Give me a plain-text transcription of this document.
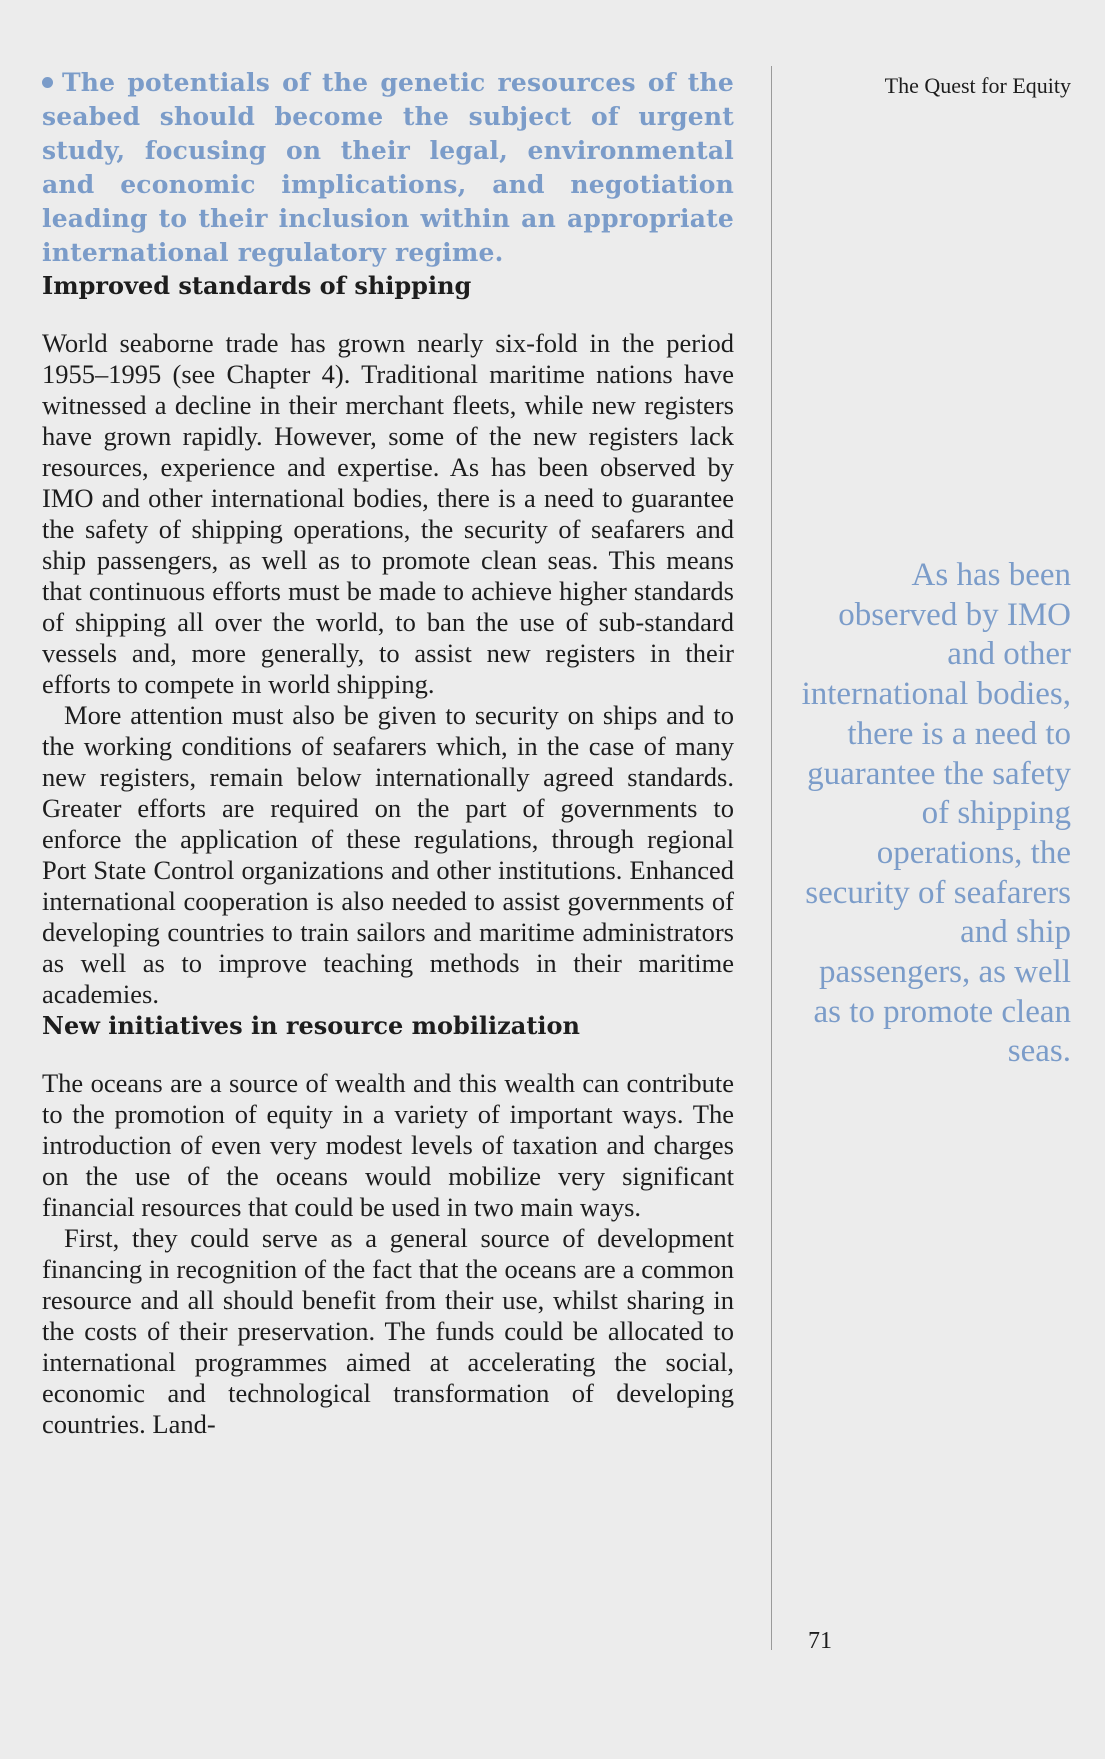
The potentials of the genetic resources of the seabed should become the subject of urgent study, focusing on their legal, environmental and economic implications, and negotiation leading to their inclusion within an appropriate international regulatory regime.

Improved standards of shipping

World seaborne trade has grown nearly six-fold in the period 1955–1995 (see Chapter 4). Traditional maritime nations have witnessed a decline in their merchant fleets, while new registers have grown rapidly. However, some of the new registers lack resources, experience and expertise. As has been observed by IMO and other international bodies, there is a need to guarantee the safety of shipping operations, the security of seafarers and ship passengers, as well as to promote clean seas. This means that continuous efforts must be made to achieve higher standards of shipping all over the world, to ban the use of sub-standard vessels and, more generally, to assist new registers in their efforts to compete in world shipping.

More attention must also be given to security on ships and to the working conditions of seafarers which, in the case of many new registers, remain below internationally agreed standards. Greater efforts are required on the part of governments to enforce the application of these regulations, through regional Port State Control organizations and other institutions. Enhanced international cooperation is also needed to assist governments of developing countries to train sailors and maritime administrators as well as to improve teaching methods in their maritime academies.

New initiatives in resource mobilization

The oceans are a source of wealth and this wealth can contribute to the promotion of equity in a variety of important ways. The introduction of even very modest levels of taxation and charges on the use of the oceans would mobilize very significant financial resources that could be used in two main ways.

First, they could serve as a general source of development financing in recognition of the fact that the oceans are a common resource and all should benefit from their use, whilst sharing in the costs of their preservation. The funds could be allocated to international programmes aimed at accelerating the social, economic and technological transformation of developing countries. Land-

The Quest for Equity
As has been observed by IMO and other international bodies, there is a need to guarantee the safety of shipping operations, the security of seafarers and ship passengers, as well as to promote clean seas.
71
